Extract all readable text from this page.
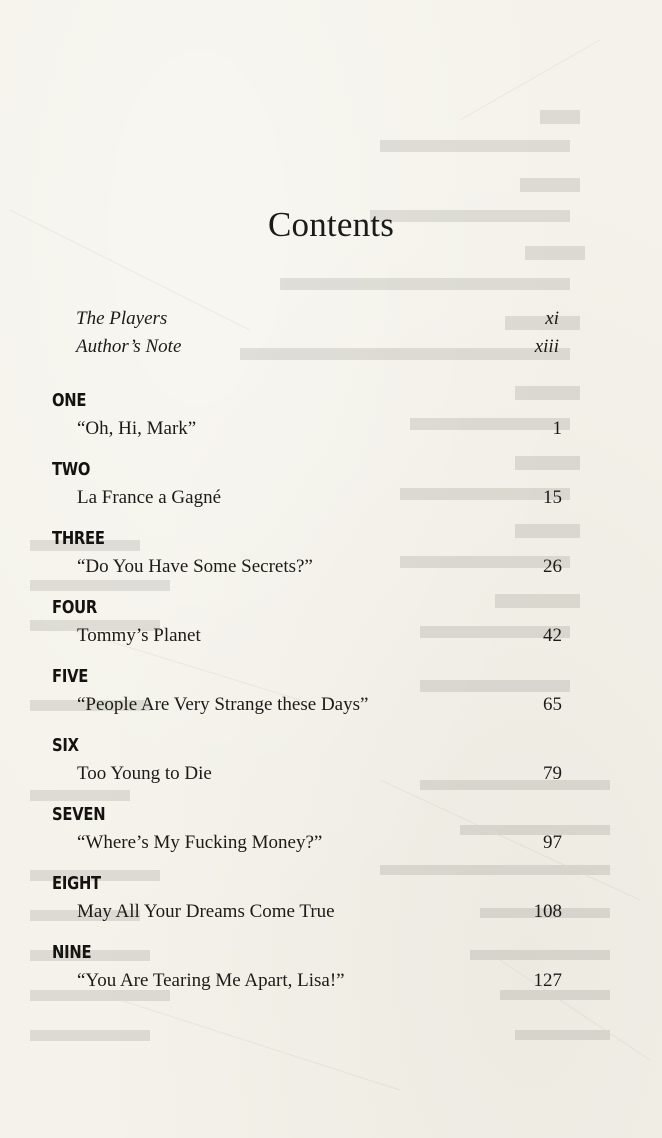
Contents
The Players	xi
Author’s Note	xiii
ONE
“Oh, Hi, Mark”	1
TWO
La France a Gagné	15
THREE
“Do You Have Some Secrets?”	26
FOUR
Tommy’s Planet	42
FIVE
“People Are Very Strange these Days”	65
SIX
Too Young to Die	79
SEVEN
“Where’s My Fucking Money?”	97
EIGHT
May All Your Dreams Come True	108
NINE
“You Are Tearing Me Apart, Lisa!”	127
